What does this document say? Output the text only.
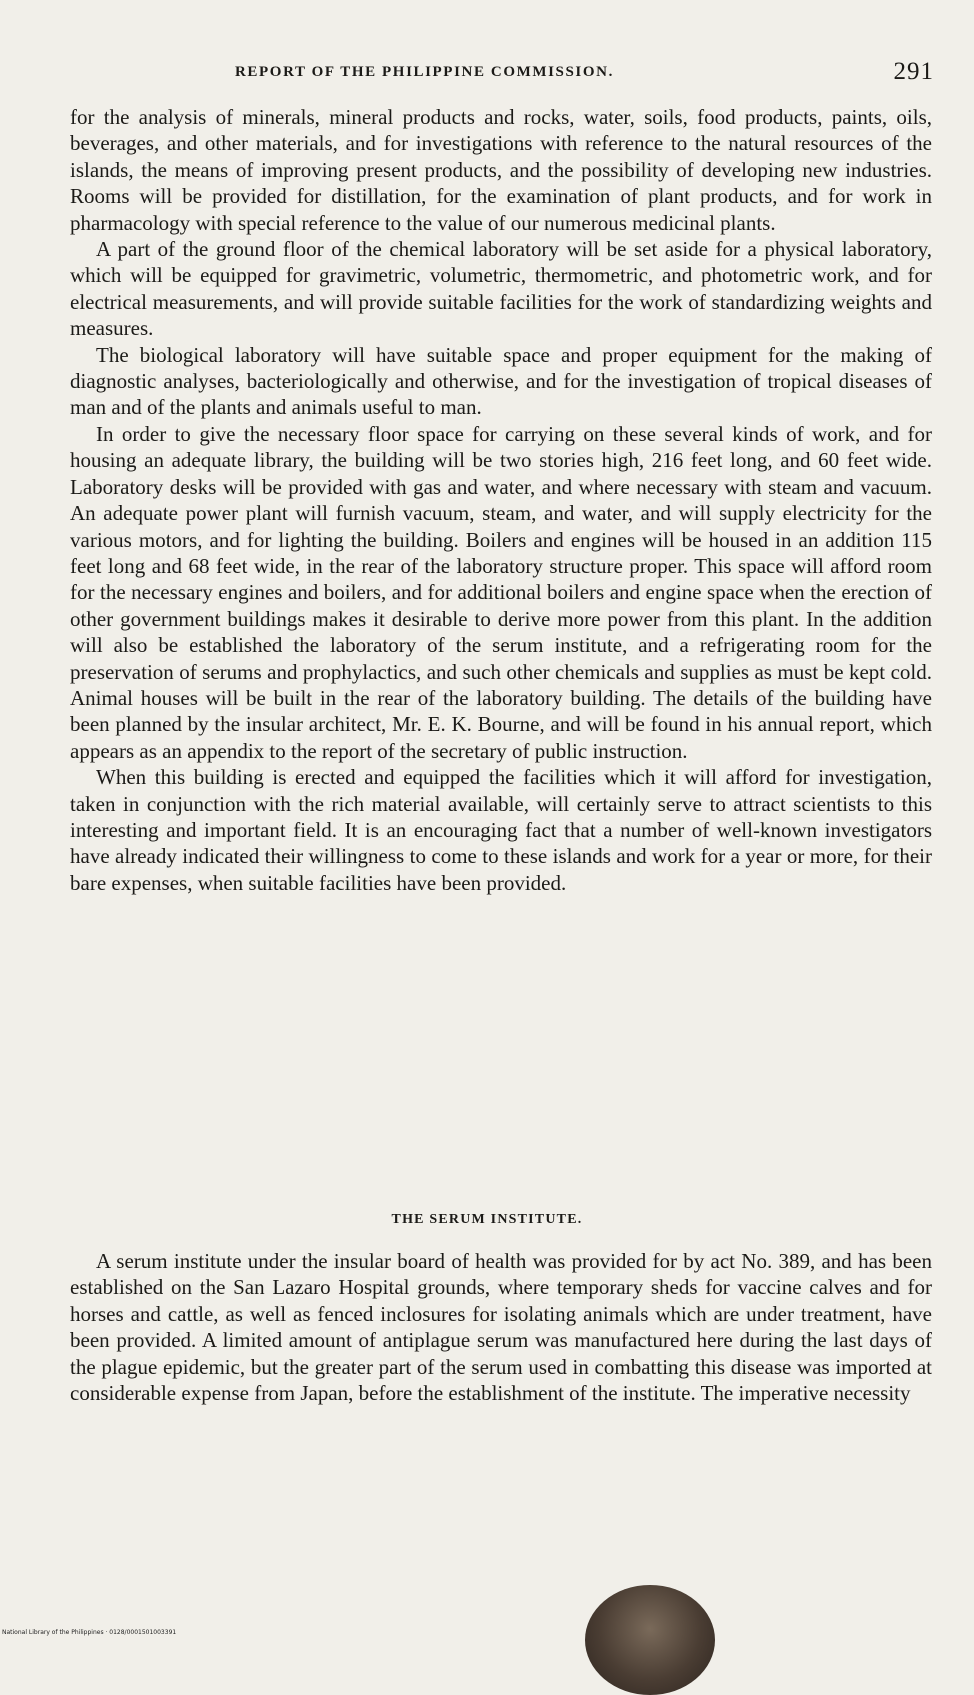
REPORT OF THE PHILIPPINE COMMISSION.	291

for the analysis of minerals, mineral products and rocks, water, soils, food products, paints, oils, beverages, and other materials, and for investigations with reference to the natural resources of the islands, the means of improving present products, and the possibility of developing new industries. Rooms will be provided for distillation, for the examination of plant products, and for work in pharmacology with special reference to the value of our numerous medicinal plants.

A part of the ground floor of the chemical laboratory will be set aside for a physical laboratory, which will be equipped for gravimetric, volumetric, thermometric, and photometric work, and for electrical measurements, and will provide suitable facilities for the work of standardizing weights and measures.

The biological laboratory will have suitable space and proper equipment for the making of diagnostic analyses, bacteriologically and otherwise, and for the investigation of tropical diseases of man and of the plants and animals useful to man.

In order to give the necessary floor space for carrying on these several kinds of work, and for housing an adequate library, the building will be two stories high, 216 feet long, and 60 feet wide. Laboratory desks will be provided with gas and water, and where necessary with steam and vacuum. An adequate power plant will furnish vacuum, steam, and water, and will supply electricity for the various motors, and for lighting the building. Boilers and engines will be housed in an addition 115 feet long and 68 feet wide, in the rear of the laboratory structure proper. This space will afford room for the necessary engines and boilers, and for additional boilers and engine space when the erection of other government buildings makes it desirable to derive more power from this plant. In the addition will also be established the laboratory of the serum institute, and a refrigerating room for the preservation of serums and prophylactics, and such other chemicals and supplies as must be kept cold. Animal houses will be built in the rear of the laboratory building. The details of the building have been planned by the insular architect, Mr. E. K. Bourne, and will be found in his annual report, which appears as an appendix to the report of the secretary of public instruction.

When this building is erected and equipped the facilities which it will afford for investigation, taken in conjunction with the rich material available, will certainly serve to attract scientists to this interesting and important field. It is an encouraging fact that a number of well-known investigators have already indicated their willingness to come to these islands and work for a year or more, for their bare expenses, when suitable facilities have been provided.

THE SERUM INSTITUTE.

A serum institute under the insular board of health was provided for by act No. 389, and has been established on the San Lazaro Hospital grounds, where temporary sheds for vaccine calves and for horses and cattle, as well as fenced inclosures for isolating animals which are under treatment, have been provided. A limited amount of antiplague serum was manufactured here during the last days of the plague epidemic, but the greater part of the serum used in combatting this disease was imported at considerable expense from Japan, before the establishment of the institute. The imperative necessity

National Library of the Philippines · 0128/0001501003391
